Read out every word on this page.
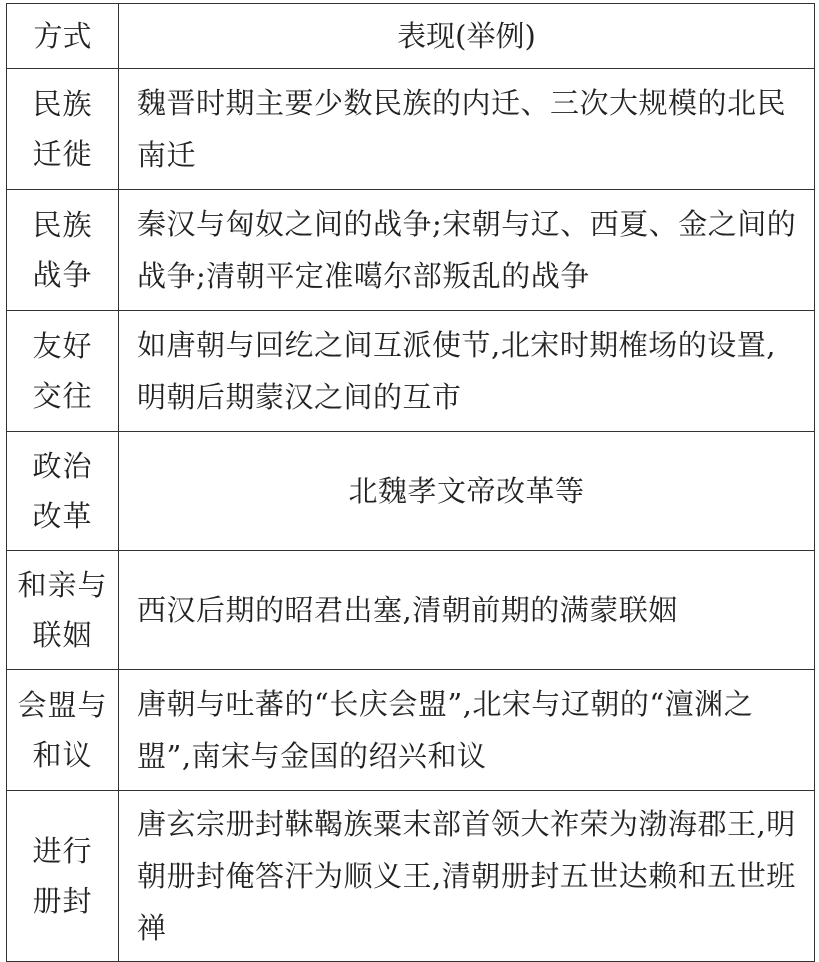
方式	表现(举例)

民族
迁徙	魏晋时期主要少数民族的内迁、三次大规模的北民南迁

民族
战争	秦汉与匈奴之间的战争;宋朝与辽、西夏、金之间的战争;清朝平定准噶尔部叛乱的战争

友好
交往	如唐朝与回纥之间互派使节,北宋时期榷场的设置,明朝后期蒙汉之间的互市

政治
改革	北魏孝文帝改革等

和亲与
联姻	西汉后期的昭君出塞,清朝前期的满蒙联姻

会盟与
和议	唐朝与吐蕃的“长庆会盟”,北宋与辽朝的“澶渊之盟”,南宋与金国的绍兴和议

进行
册封	唐玄宗册封靺鞨族粟末部首领大祚荣为渤海郡王,明朝册封俺答汗为顺义王,清朝册封五世达赖和五世班禅
